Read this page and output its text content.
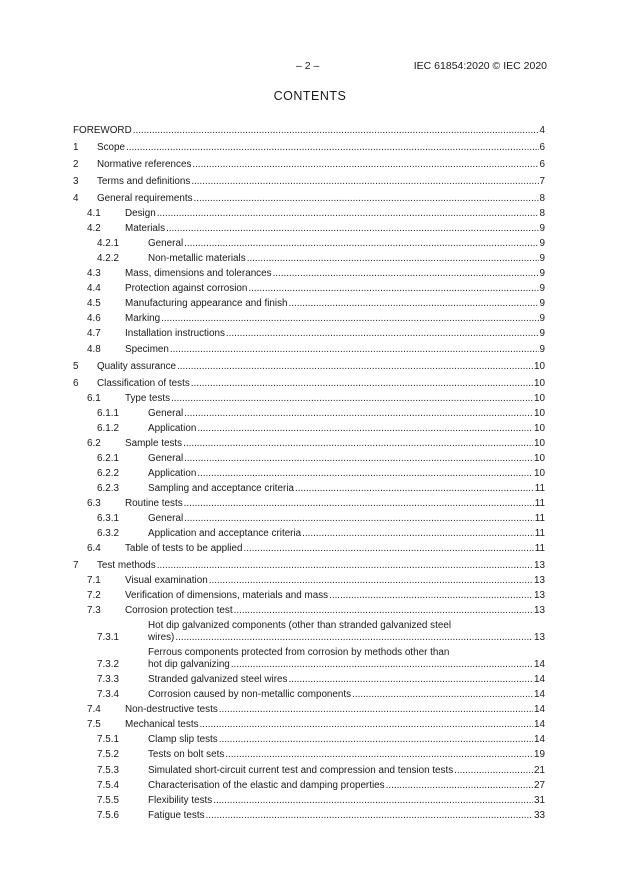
– 2 –	IEC 61854:2020 © IEC 2020
CONTENTS
FOREWORD .....	4
1 Scope .....	6
2 Normative references .....	6
3 Terms and definitions .....	7
4 General requirements .....	8
4.1 Design .....	8
4.2 Materials .....	9
4.2.1	General .....	9
4.2.2	Non-metallic materials .....	9
4.3 Mass, dimensions and tolerances .....	9
4.4 Protection against corrosion .....	9
4.5 Manufacturing appearance and finish .....	9
4.6 Marking .....	9
4.7 Installation instructions .....	9
4.8 Specimen .....	9
5 Quality assurance .....	10
6 Classification of tests .....	10
6.1 Type tests .....	10
6.1.1	General .....	10
6.1.2	Application .....	10
6.2 Sample tests .....	10
6.2.1	General .....	10
6.2.2	Application .....	10
6.2.3	Sampling and acceptance criteria .....	11
6.3 Routine tests .....	11
6.3.1	General .....	11
6.3.2	Application and acceptance criteria .....	11
6.4 Table of tests to be applied .....	11
7 Test methods .....	13
7.1 Visual examination .....	13
7.2 Verification of dimensions, materials and mass .....	13
7.3 Corrosion protection test .....	13
7.3.1
Hot dip galvanized components (other than stranded galvanized steel
wires) .....	13
7.3.2
Ferrous components protected from corrosion by methods other than
hot dip galvanizing .....	14
7.3.3	Stranded galvanized steel wires .....	14
7.3.4	Corrosion caused by non-metallic components .....	14
7.4 Non-destructive tests .....	14
7.5 Mechanical tests .....	14
7.5.1	Clamp slip tests .....	14
7.5.2	Tests on bolt sets .....	19
7.5.3	Simulated short-circuit current test and compression and tension tests .....	21
7.5.4	Characterisation of the elastic and damping properties .....	27
7.5.5	Flexibility tests .....	31
7.5.6	Fatigue tests .....	33
